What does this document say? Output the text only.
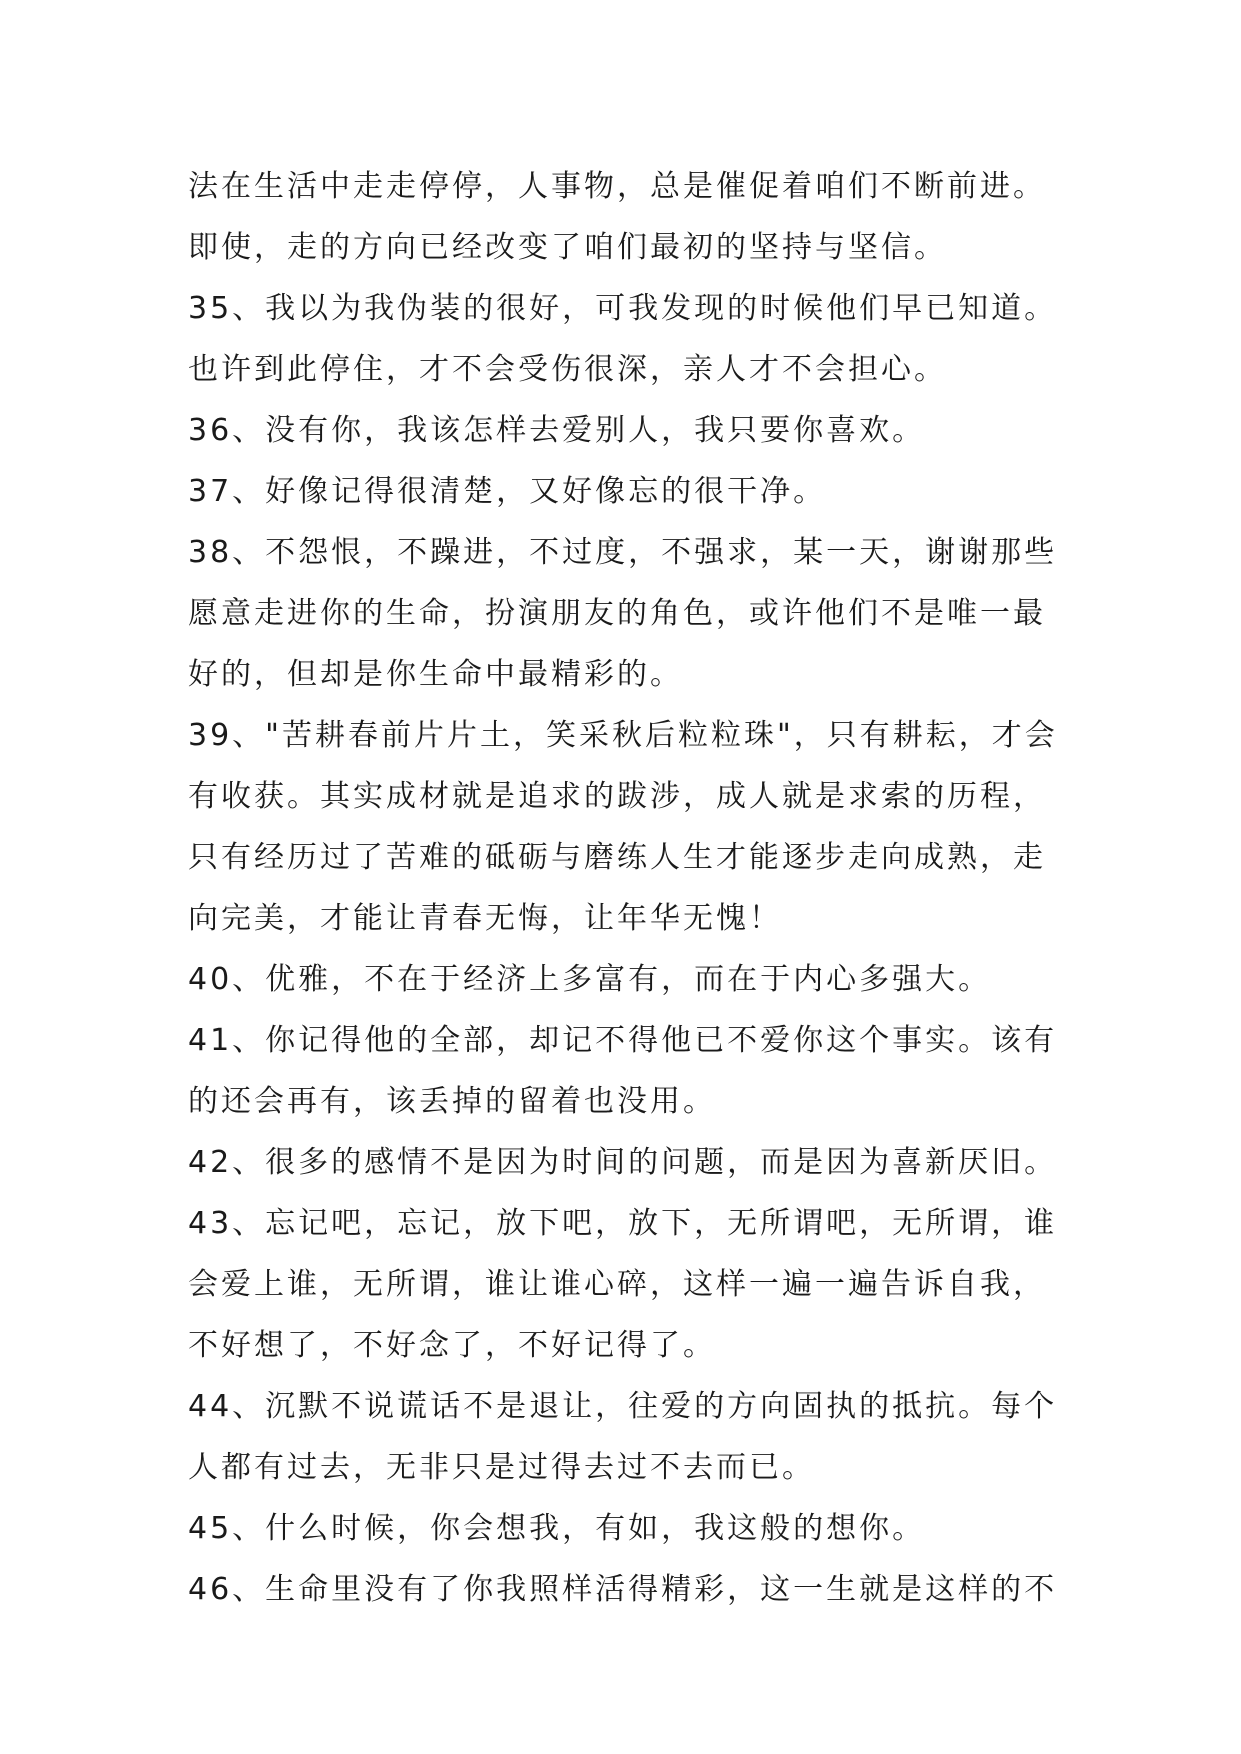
法在生活中走走停停，人事物，总是催促着咱们不断前进。
即使，走的方向已经改变了咱们最初的坚持与坚信。
35、我以为我伪装的很好，可我发现的时候他们早已知道。
也许到此停住，才不会受伤很深，亲人才不会担心。
36、没有你，我该怎样去爱别人，我只要你喜欢。
37、好像记得很清楚，又好像忘的很干净。
38、不怨恨，不躁进，不过度，不强求，某一天，谢谢那些
愿意走进你的生命，扮演朋友的角色，或许他们不是唯一最
好的，但却是你生命中最精彩的。
39、"苦耕春前片片土，笑采秋后粒粒珠"，只有耕耘，才会
有收获。其实成材就是追求的跋涉，成人就是求索的历程，
只有经历过了苦难的砥砺与磨练人生才能逐步走向成熟，走
向完美，才能让青春无悔，让年华无愧！
40、优雅，不在于经济上多富有，而在于内心多强大。
41、你记得他的全部，却记不得他已不爱你这个事实。该有
的还会再有，该丢掉的留着也没用。
42、很多的感情不是因为时间的问题，而是因为喜新厌旧。
43、忘记吧，忘记，放下吧，放下，无所谓吧，无所谓，谁
会爱上谁，无所谓，谁让谁心碎，这样一遍一遍告诉自我，
不好想了，不好念了，不好记得了。
44、沉默不说谎话不是退让，往爱的方向固执的抵抗。每个
人都有过去，无非只是过得去过不去而已。
45、什么时候，你会想我，有如，我这般的想你。
46、生命里没有了你我照样活得精彩，这一生就是这样的不
